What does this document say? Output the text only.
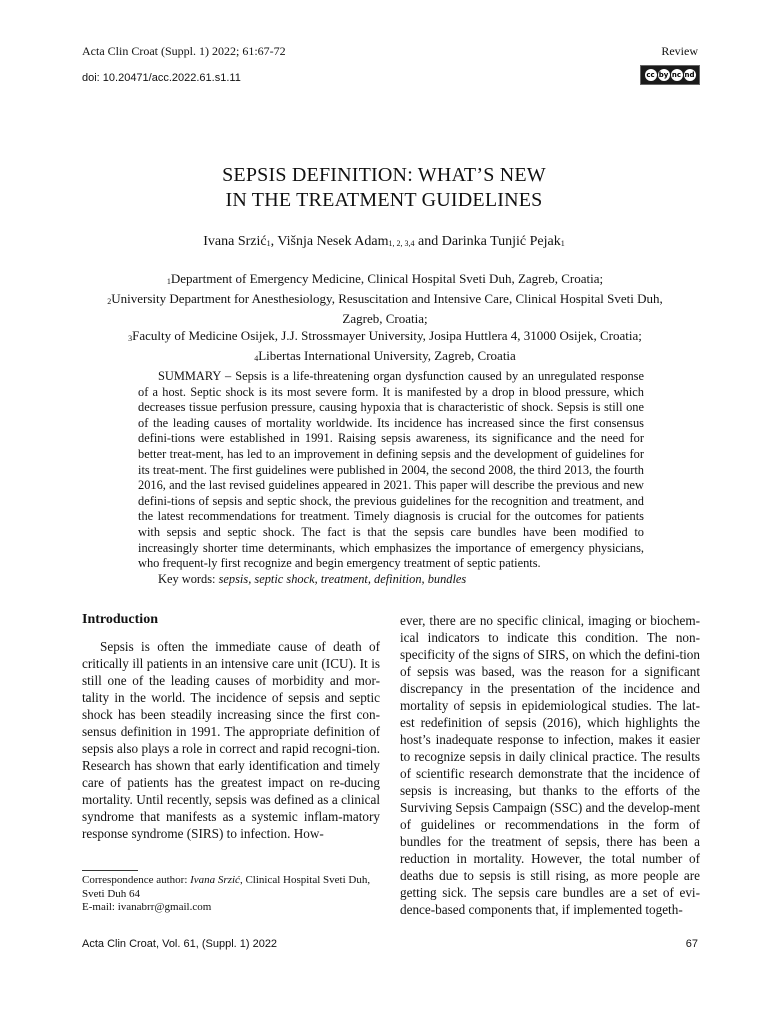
Acta Clin Croat (Suppl. 1) 2022; 61:67-72
doi: 10.20471/acc.2022.61.s1.11
Review
cc by nc nd
SEPSIS DEFINITION: WHAT’S NEW
IN THE TREATMENT GUIDELINES
Ivana Srzić$_1$, Višnja Nesek Adam$_{1, 2, 3,4}$ and Darinka Tunjić Pejak$_1$
$_1$Department of Emergency Medicine, Clinical Hospital Sveti Duh, Zagreb, Croatia;
$_2$University Department for Anesthesiology, Resuscitation and Intensive Care, Clinical Hospital Sveti Duh, Zagreb, Croatia;
$_3$Faculty of Medicine Osijek, J.J. Strossmayer University, Josipa Huttlera 4, 31000 Osijek, Croatia;
$_4$Libertas International University, Zagreb, Croatia

SUMMARY – Sepsis is a life-threatening organ dysfunction caused by an unregulated response of a host. Septic shock is its most severe form. It is manifested by a drop in blood pressure, which decreases tissue perfusion pressure, causing hypoxia that is characteristic of shock. Sepsis is still one of the leading causes of mortality worldwide. Its incidence has increased since the first consensus defini-tions were established in 1991. Raising sepsis awareness, its significance and the need for better treat-ment, has led to an improvement in defining sepsis and the development of guidelines for its treat-ment. The first guidelines were published in 2004, the second 2008, the third 2013, the fourth 2016, and the last revised guidelines appeared in 2021. This paper will describe the previous and new defini-tions of sepsis and septic shock, the previous guidelines for the recognition and treatment, and the latest recommendations for treatment. Timely diagnosis is crucial for the outcomes for patients with sepsis and septic shock. The fact is that the sepsis care bundles have been modified to increasingly shorter time determinants, which emphasizes the importance of emergency physicians, who frequent-ly first recognize and begin emergency treatment of septic patients.

Key words: sepsis, septic shock, treatment, definition, bundles

Introduction

Sepsis is often the immediate cause of death of critically ill patients in an intensive care unit (ICU). It is still one of the leading causes of morbidity and mor-tality in the world. The incidence of sepsis and septic shock has been steadily increasing since the first con-sensus definition in 1991. The appropriate definition of sepsis also plays a role in correct and rapid recogni-tion. Research has shown that early identification and timely care of patients has the greatest impact on re-ducing mortality. Until recently, sepsis was defined as a clinical syndrome that manifests as a systemic inflam-matory response syndrome (SIRS) to infection. How-

ever, there are no specific clinical, imaging or biochem-ical indicators to indicate this condition. The non-specificity of the signs of SIRS, on which the defini-tion of sepsis was based, was the reason for a significant discrepancy in the presentation of the incidence and mortality of sepsis in epidemiological studies. The lat-est redefinition of sepsis (2016), which highlights the host’s inadequate response to infection, makes it easier to recognize sepsis in daily clinical practice. The results of scientific research demonstrate that the incidence of sepsis is increasing, but thanks to the efforts of the Surviving Sepsis Campaign (SSC) and the develop-ment of guidelines or recommendations in the form of bundles for the treatment of sepsis, there has been a reduction in mortality. However, the total number of deaths due to sepsis is still rising, as more people are getting sick. The sepsis care bundles are a set of evi-dence-based components that, if implemented togeth-

Correspondence author: Ivana Srzić, Clinical Hospital Sveti Duh, Sveti Duh 64
E-mail: ivanabrr@gmail.com
Acta Clin Croat, Vol. 61, (Suppl. 1) 2022	67
